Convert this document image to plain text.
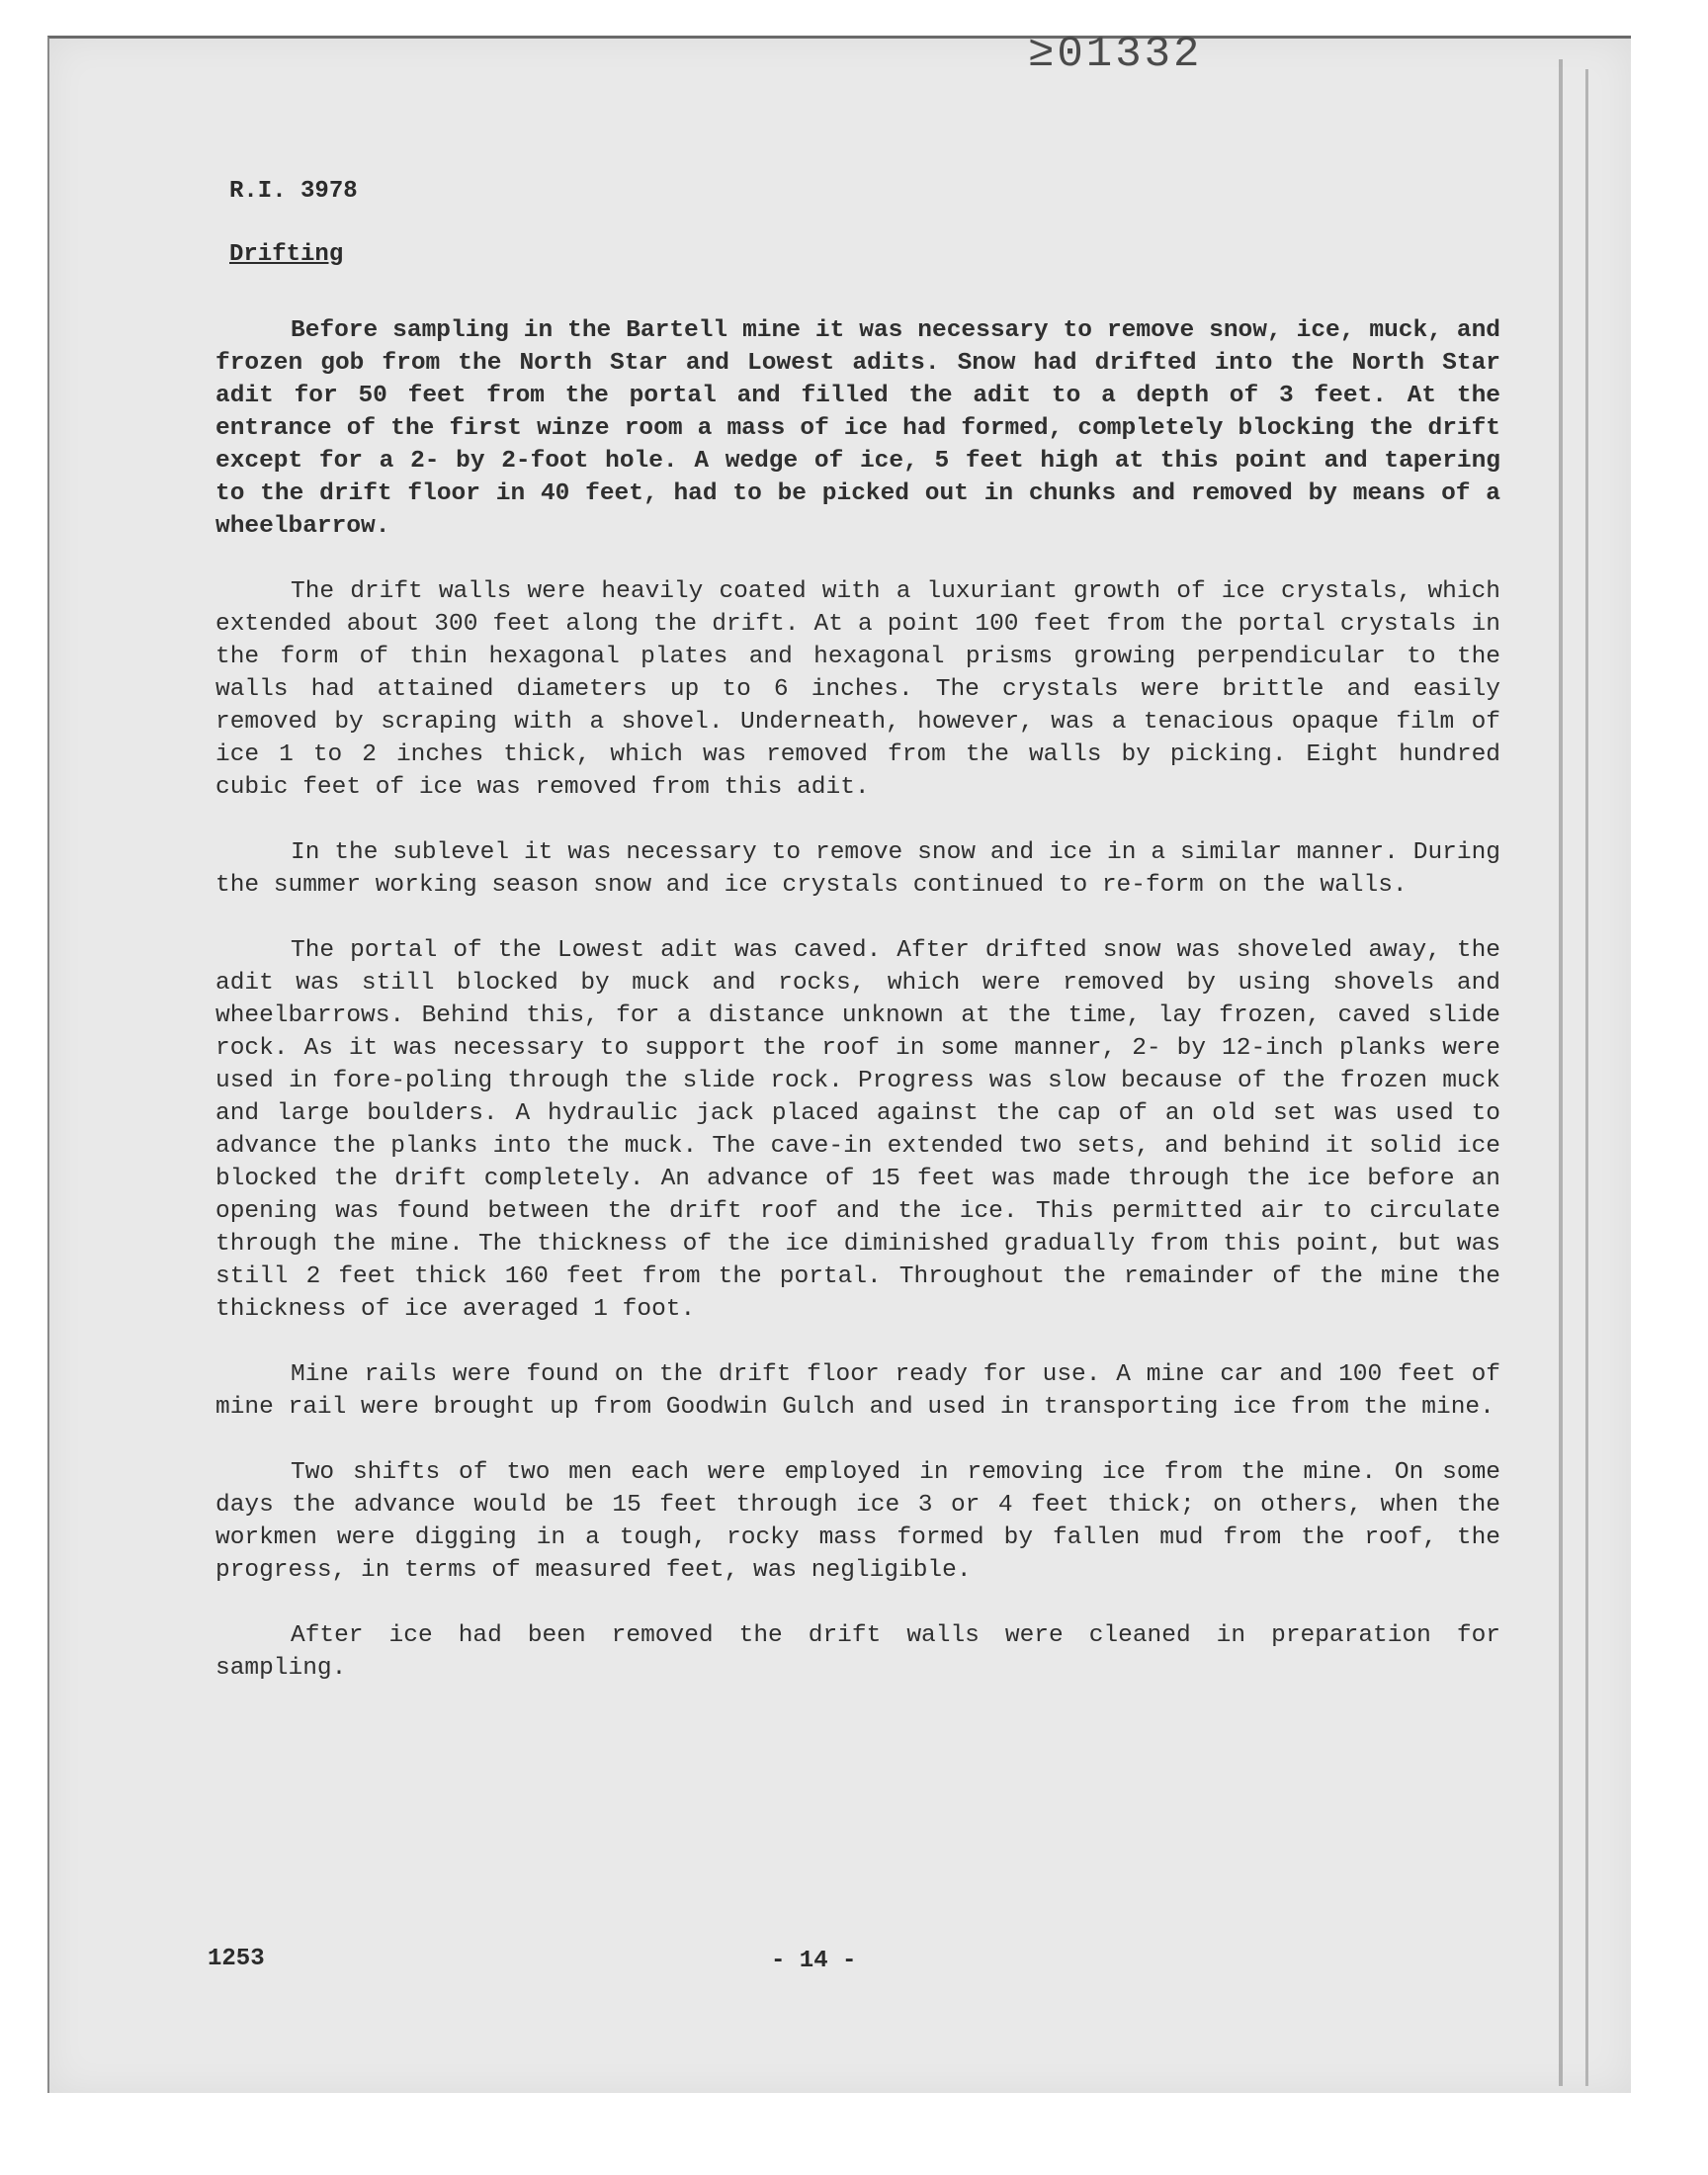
≥01332
R.I. 3978
Drifting

Before sampling in the Bartell mine it was necessary to remove snow, ice, muck, and frozen gob from the North Star and Lowest adits. Snow had drifted into the North Star adit for 50 feet from the portal and filled the adit to a depth of 3 feet. At the entrance of the first winze room a mass of ice had formed, completely blocking the drift except for a 2- by 2-foot hole. A wedge of ice, 5 feet high at this point and tapering to the drift floor in 40 feet, had to be picked out in chunks and removed by means of a wheelbarrow.

The drift walls were heavily coated with a luxuriant growth of ice crystals, which extended about 300 feet along the drift. At a point 100 feet from the portal crystals in the form of thin hexagonal plates and hexagonal prisms growing perpendicular to the walls had attained diameters up to 6 inches. The crystals were brittle and easily removed by scraping with a shovel. Underneath, however, was a tenacious opaque film of ice 1 to 2 inches thick, which was removed from the walls by picking. Eight hundred cubic feet of ice was removed from this adit.

In the sublevel it was necessary to remove snow and ice in a similar manner. During the summer working season snow and ice crystals continued to re-form on the walls.

The portal of the Lowest adit was caved. After drifted snow was shoveled away, the adit was still blocked by muck and rocks, which were removed by using shovels and wheelbarrows. Behind this, for a distance unknown at the time, lay frozen, caved slide rock. As it was necessary to support the roof in some manner, 2- by 12-inch planks were used in fore-poling through the slide rock. Progress was slow because of the frozen muck and large boulders. A hydraulic jack placed against the cap of an old set was used to advance the planks into the muck. The cave-in extended two sets, and behind it solid ice blocked the drift completely. An advance of 15 feet was made through the ice before an opening was found between the drift roof and the ice. This permitted air to circulate through the mine. The thickness of the ice diminished gradually from this point, but was still 2 feet thick 160 feet from the portal. Throughout the remainder of the mine the thickness of ice averaged 1 foot.

Mine rails were found on the drift floor ready for use. A mine car and 100 feet of mine rail were brought up from Goodwin Gulch and used in transporting ice from the mine.

Two shifts of two men each were employed in removing ice from the mine. On some days the advance would be 15 feet through ice 3 or 4 feet thick; on others, when the workmen were digging in a tough, rocky mass formed by fallen mud from the roof, the progress, in terms of measured feet, was negligible.

After ice had been removed the drift walls were cleaned in preparation for sampling.

1253	- 14 -
